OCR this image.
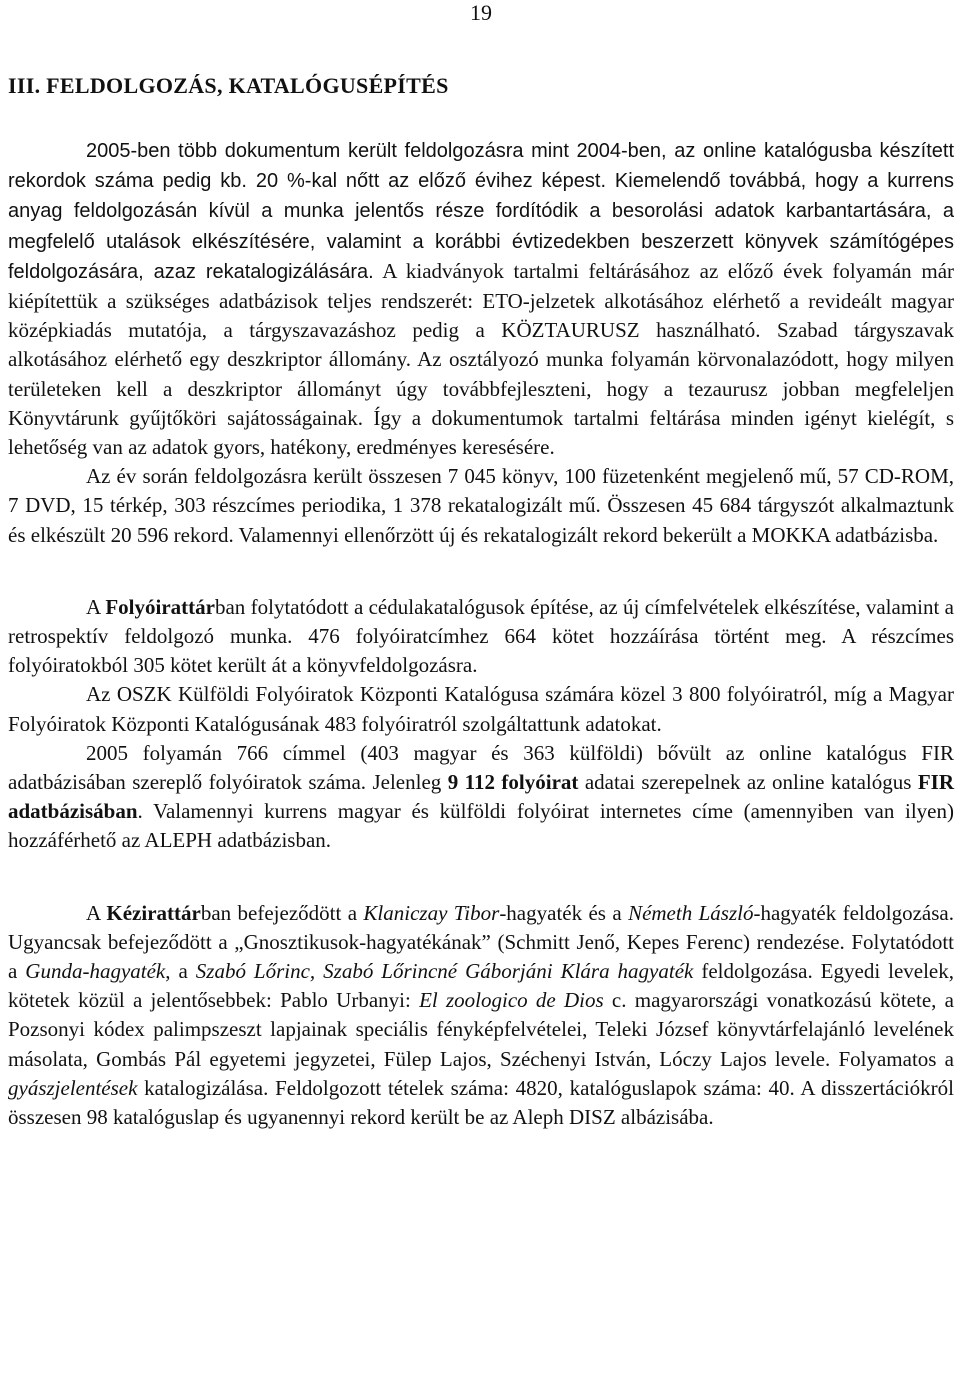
19
III. FELDOLGOZÁS, KATALÓGUSÉPÍTÉS

2005-ben több dokumentum került feldolgozásra mint 2004-ben, az online katalógusba készített rekordok száma pedig kb. 20 %-kal nőtt az előző évihez képest. Kiemelendő továbbá, hogy a kurrens anyag feldolgozásán kívül a munka jelentős része fordítódik a besorolási adatok karbantartására, a megfelelő utalások elkészítésére, valamint a korábbi évtizedekben beszerzett könyvek számítógépes feldolgozására, azaz rekatalogizálására. A kiadványok tartalmi feltárásához az előző évek folyamán már kiépítettük a szükséges adatbázisok teljes rendszerét: ETO-jelzetek alkotásához elérhető a revideált magyar középkiadás mutatója, a tárgyszavazáshoz pedig a KÖZTAURUSZ használható. Szabad tárgyszavak alkotásához elérhető egy deszkriptor állomány. Az osztályozó munka folyamán körvonalazódott, hogy milyen területeken kell a deszkriptor állományt úgy továbbfejleszteni, hogy a tezaurusz jobban megfeleljen Könyvtárunk gyűjtőköri sajátosságainak. Így a dokumentumok tartalmi feltárása minden igényt kielégít, s lehetőség van az adatok gyors, hatékony, eredményes keresésére.

Az év során feldolgozásra került összesen 7 045 könyv, 100 füzetenként megjelenő mű, 57 CD-ROM, 7 DVD, 15 térkép, 303 részcímes periodika, 1 378 rekatalogizált mű. Összesen 45 684 tárgyszót alkalmaztunk és elkészült 20 596 rekord. Valamennyi ellenőrzött új és rekatalogizált rekord bekerült a MOKKA adatbázisba.

A Folyóirattárban folytatódott a cédulakatalógusok építése, az új címfelvételek elkészítése, valamint a retrospektív feldolgozó munka. 476 folyóiratcímhez 664 kötet hozzáírása történt meg. A részcímes folyóiratokból 305 kötet került át a könyvfeldolgozásra.

Az OSZK Külföldi Folyóiratok Központi Katalógusa számára közel 3 800 folyóiratról, míg a Magyar Folyóiratok Központi Katalógusának 483 folyóiratról szolgáltattunk adatokat.

2005 folyamán 766 címmel (403 magyar és 363 külföldi) bővült az online katalógus FIR adatbázisában szereplő folyóiratok száma. Jelenleg 9 112 folyóirat adatai szerepelnek az online katalógus FIR adatbázisában. Valamennyi kurrens magyar és külföldi folyóirat internetes címe (amennyiben van ilyen) hozzáférhető az ALEPH adatbázisban.

A Kézirattárban befejeződött a Klaniczay Tibor-hagyaték és a Németh László-hagyaték feldolgozása. Ugyancsak befejeződött a „Gnosztikusok-hagyatékának” (Schmitt Jenő, Kepes Ferenc) rendezése. Folytatódott a Gunda-hagyaték, a Szabó Lőrinc, Szabó Lőrincné Gáborjáni Klára hagyaték feldolgozása. Egyedi levelek, kötetek közül a jelentősebbek: Pablo Urbanyi: El zoologico de Dios c. magyarországi vonatkozású kötete, a Pozsonyi kódex palimpszeszt lapjainak speciális fényképfelvételei, Teleki József könyvtárfelajánló levelének másolata, Gombás Pál egyetemi jegyzetei, Fülep Lajos, Széchenyi István, Lóczy Lajos levele. Folyamatos a gyászjelentések katalogizálása. Feldolgozott tételek száma: 4820, katalóguslapok száma: 40. A disszertációkról összesen 98 katalóguslap és ugyanennyi rekord került be az Aleph DISZ albázisába.
